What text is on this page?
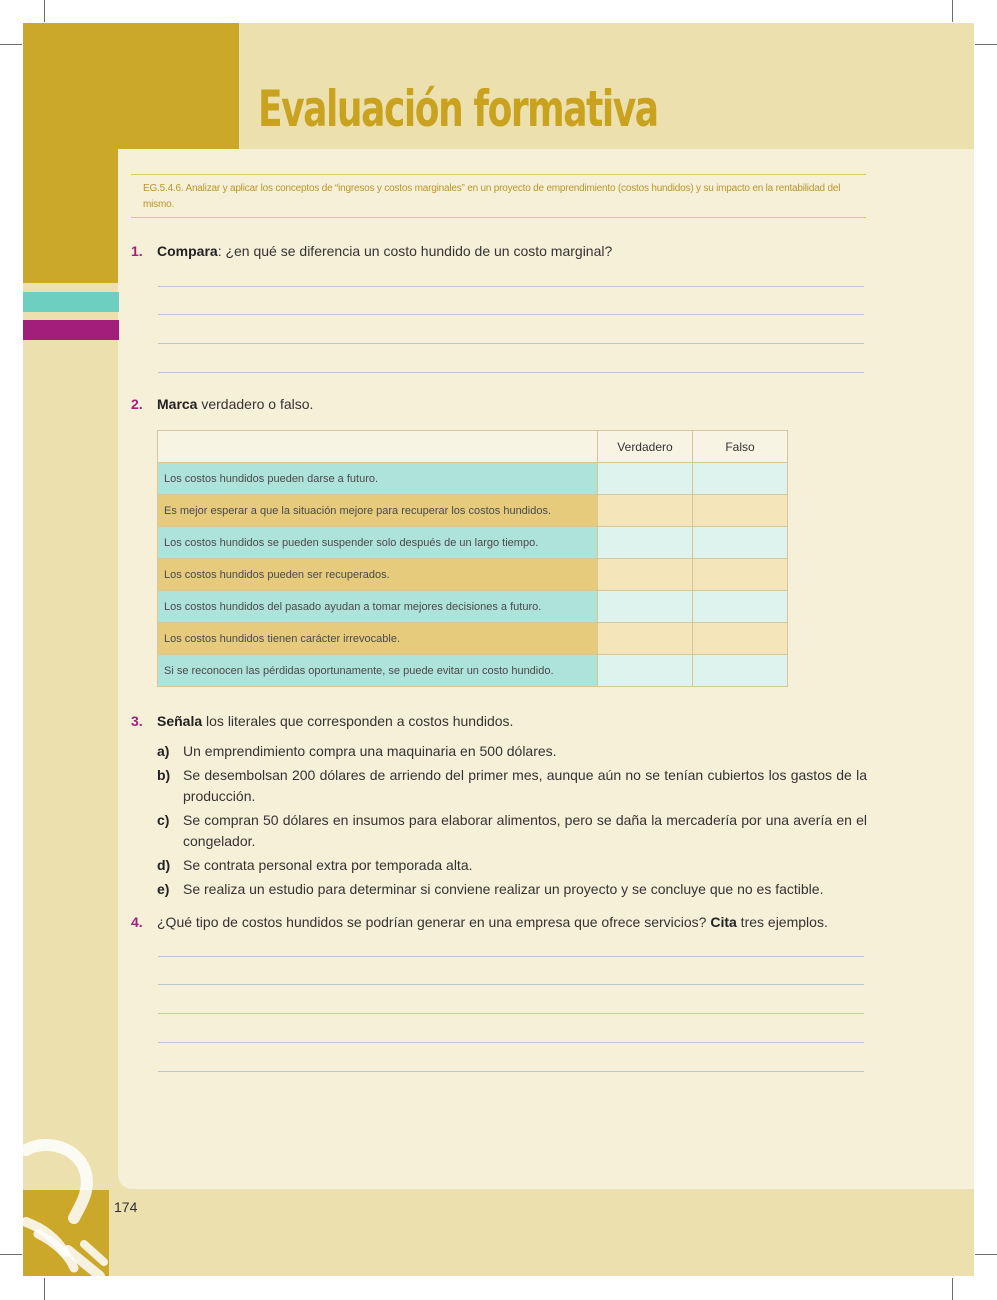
Evaluación formativa
174
EG.5.4.6. Analizar y aplicar los conceptos de “ingresos y costos marginales” en un proyecto de emprendimiento (costos hundidos) y su impacto en la rentabilidad del mismo.
1. Compara: ¿en qué se diferencia un costo hundido de un costo marginal?
2. Marca verdadero o falso.
	Verdadero	Falso
Los costos hundidos pueden darse a futuro.		
Es mejor esperar a que la situación mejore para recuperar los costos hundidos.		
Los costos hundidos se pueden suspender solo después de un largo tiempo.		
Los costos hundidos pueden ser recuperados.		
Los costos hundidos del pasado ayudan a tomar mejores decisiones a futuro.		
Los costos hundidos tienen carácter irrevocable.		
Si se reconocen las pérdidas oportunamente, se puede evitar un costo hundido.		
3. Señala los literales que corresponden a costos hundidos.
a) Un emprendimiento compra una maquinaria en 500 dólares.
b) Se desembolsan 200 dólares de arriendo del primer mes, aunque aún no se tenían cubiertos los gastos de la producción.
c) Se compran 50 dólares en insumos para elaborar alimentos, pero se daña la mercadería por una avería en el congelador.
d) Se contrata personal extra por temporada alta.
e) Se realiza un estudio para determinar si conviene realizar un proyecto y se concluye que no es factible.
4. ¿Qué tipo de costos hundidos se podrían generar en una empresa que ofrece servicios? Cita tres ejemplos.
